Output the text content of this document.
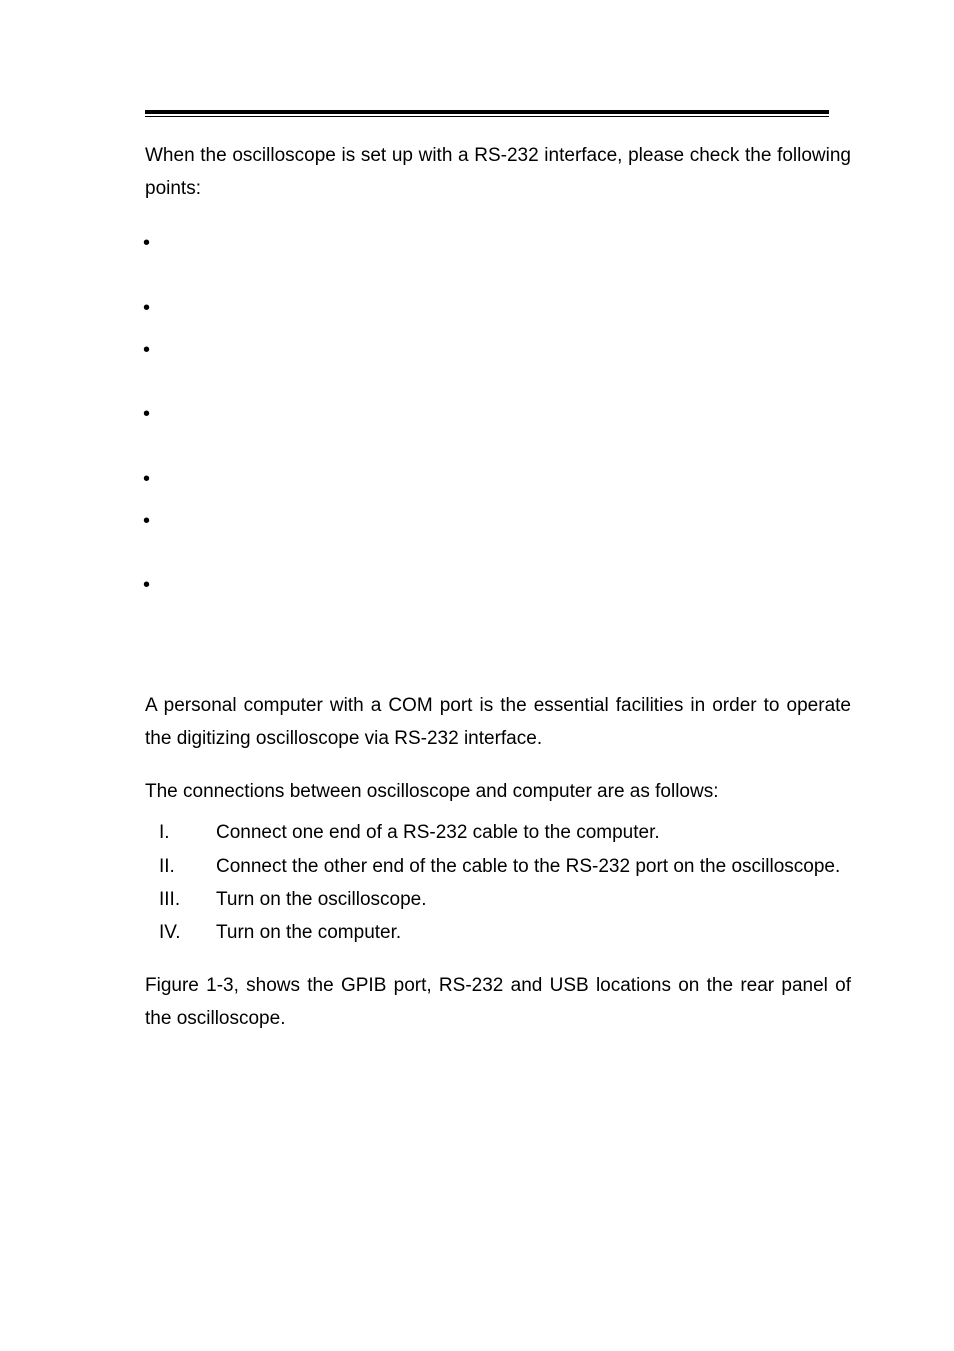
When the oscilloscope is set up with a RS-232 interface, please check the following points:

•
•
•
•
•
•
•

A personal computer with a COM port is the essential facilities in order to operate the digitizing oscilloscope via RS-232 interface.

The connections between oscilloscope and computer are as follows:

I.	Connect one end of a RS-232 cable to the computer.
II.	Connect the other end of the cable to the RS-232 port on the oscilloscope.
III.	Turn on the oscilloscope.
IV.	Turn on the computer.

Figure 1-3, shows the GPIB port, RS-232 and USB locations on the rear panel of the oscilloscope.
